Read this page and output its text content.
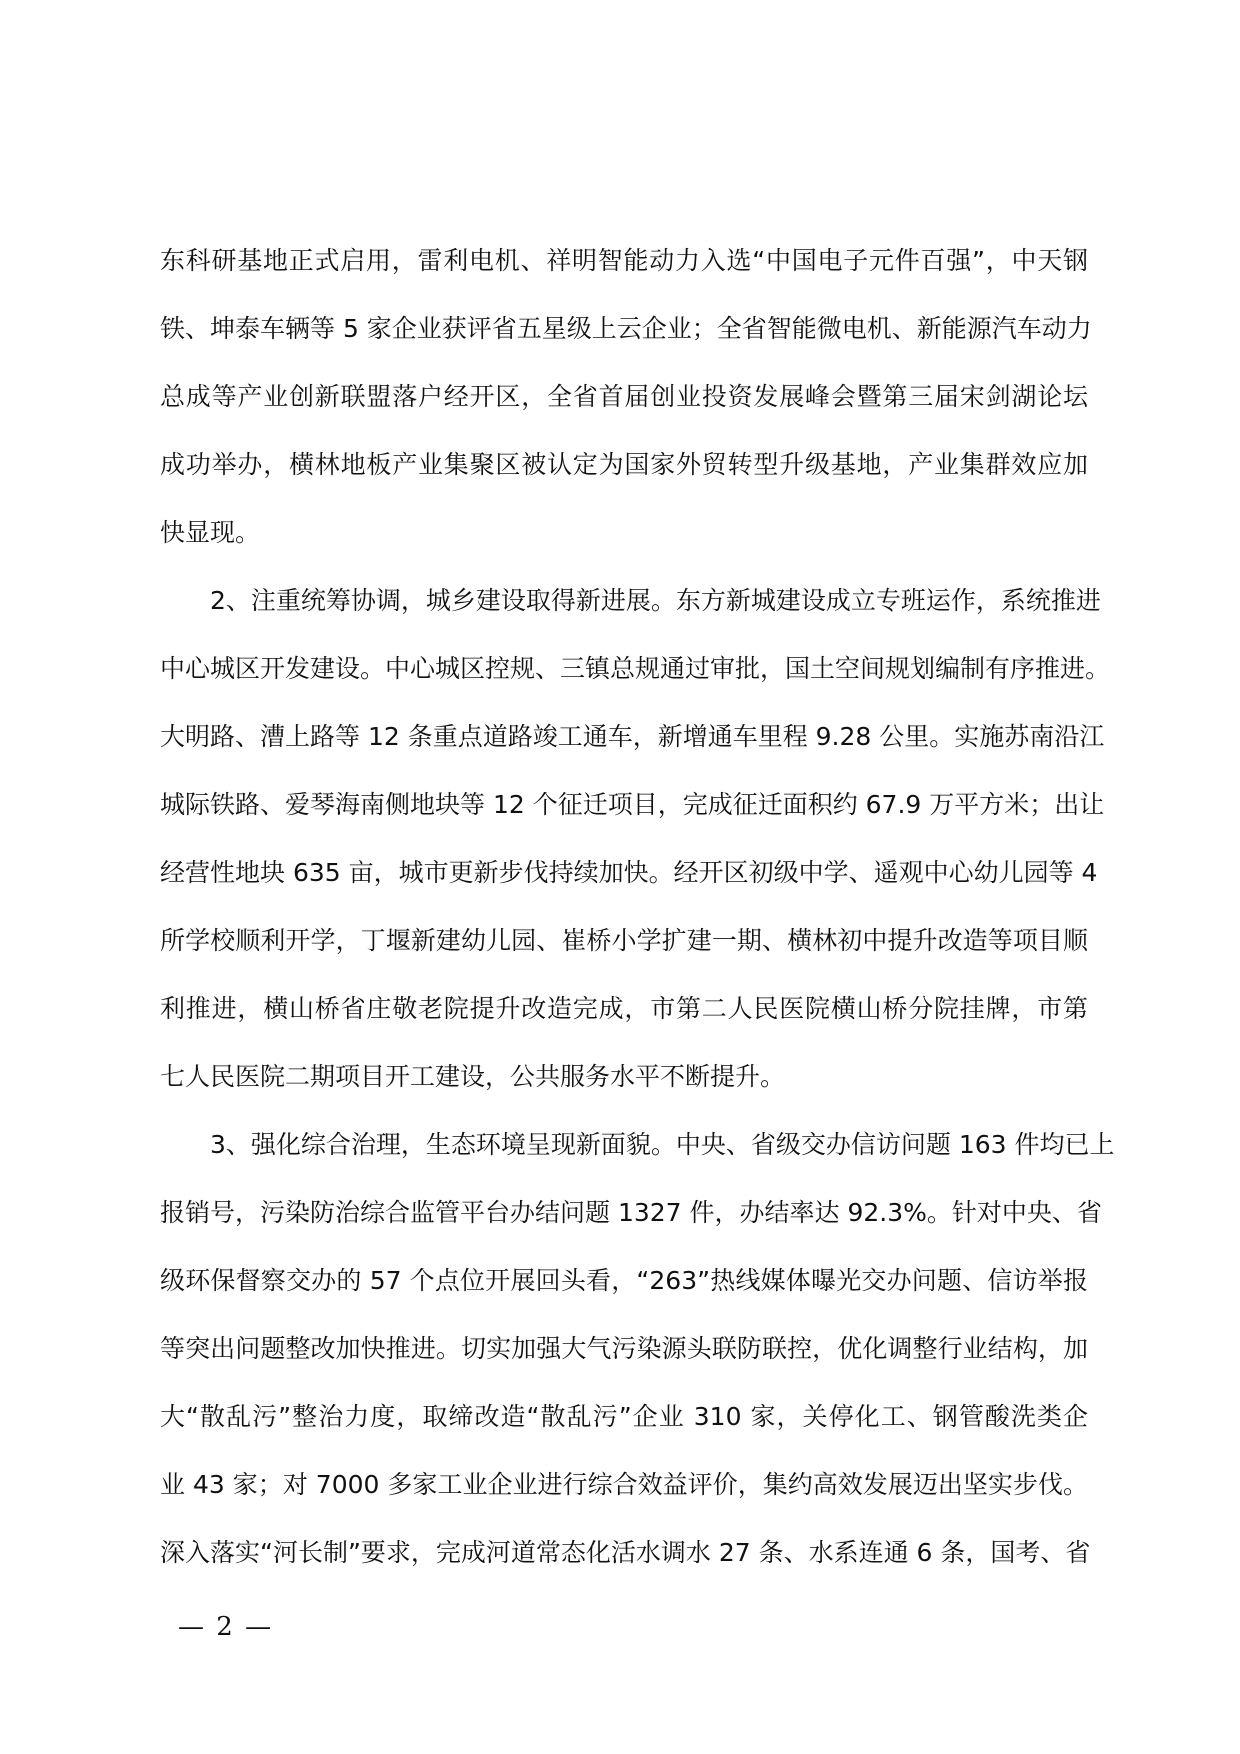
东科研基地正式启用，雷利电机、祥明智能动力入选“中国电子元件百强”，中天钢
铁、坤泰车辆等 5 家企业获评省五星级上云企业；全省智能微电机、新能源汽车动力
总成等产业创新联盟落户经开区，全省首届创业投资发展峰会暨第三届宋剑湖论坛
成功举办，横林地板产业集聚区被认定为国家外贸转型升级基地，产业集群效应加
快显现。
2、注重统筹协调，城乡建设取得新进展。东方新城建设成立专班运作，系统推进
中心城区开发建设。中心城区控规、三镇总规通过审批，国土空间规划编制有序推进。
大明路、漕上路等 12 条重点道路竣工通车，新增通车里程 9.28 公里。实施苏南沿江
城际铁路、爱琴海南侧地块等 12 个征迁项目，完成征迁面积约 67.9 万平方米；出让
经营性地块 635 亩，城市更新步伐持续加快。经开区初级中学、遥观中心幼儿园等 4
所学校顺利开学，丁堰新建幼儿园、崔桥小学扩建一期、横林初中提升改造等项目顺
利推进，横山桥省庄敬老院提升改造完成，市第二人民医院横山桥分院挂牌，市第
七人民医院二期项目开工建设，公共服务水平不断提升。
3、强化综合治理，生态环境呈现新面貌。中央、省级交办信访问题 163 件均已上
报销号，污染防治综合监管平台办结问题 1327 件，办结率达 92.3%。针对中央、省
级环保督察交办的 57 个点位开展回头看，“263”热线媒体曝光交办问题、信访举报
等突出问题整改加快推进。切实加强大气污染源头联防联控，优化调整行业结构，加
大“散乱污”整治力度，取缔改造“散乱污”企业 310 家，关停化工、钢管酸洗类企
业 43 家；对 7000 多家工业企业进行综合效益评价，集约高效发展迈出坚实步伐。
深入落实“河长制”要求，完成河道常态化活水调水 27 条、水系连通 6 条，国考、省
— 2 —
